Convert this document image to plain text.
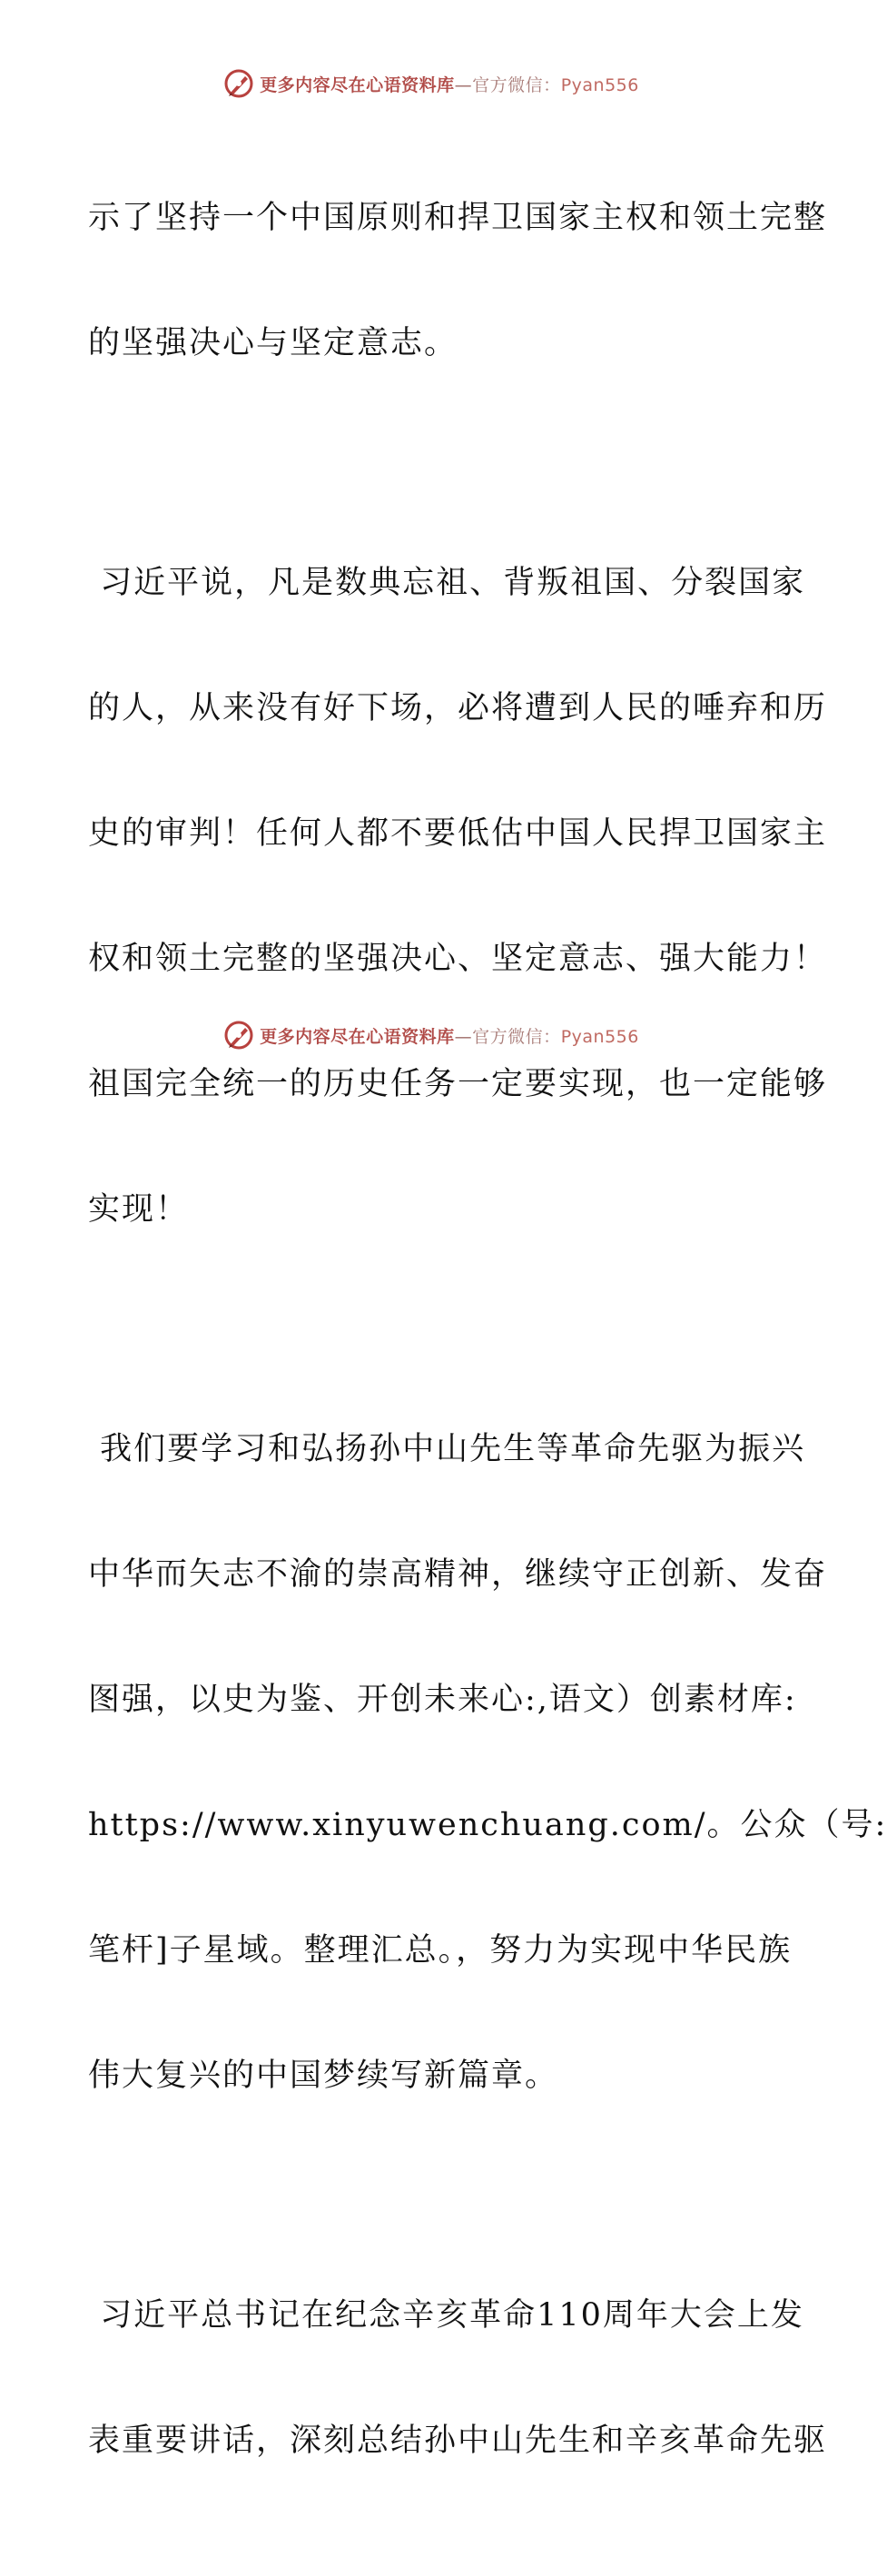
更多内容尽在心语资料库—官方微信：Pyan556

示了坚持一个中国原则和捍卫国家主权和领土完整

的坚强决心与坚定意志。

习近平说，凡是数典忘祖、背叛祖国、分裂国家

的人，从来没有好下场，必将遭到人民的唾弃和历

史的审判！任何人都不要低估中国人民捍卫国家主

权和领土完整的坚强决心、坚定意志、强大能力！

祖国完全统一的历史任务一定要实现，也一定能够

实现！

我们要学习和弘扬孙中山先生等革命先驱为振兴

中华而矢志不渝的崇高精神，继续守正创新、发奋

图强，以史为鉴、开创未来心:,语文）创素材库:

https://www.xinyuwenchuang.com/。公众（号:

笔杆]子星域。整理汇总。，努力为实现中华民族

伟大复兴的中国梦续写新篇章。

习近平总书记在纪念辛亥革命110周年大会上发

表重要讲话，深刻总结孙中山先生和辛亥革命先驱

更多内容尽在心语资料库—官方微信：Pyan556
